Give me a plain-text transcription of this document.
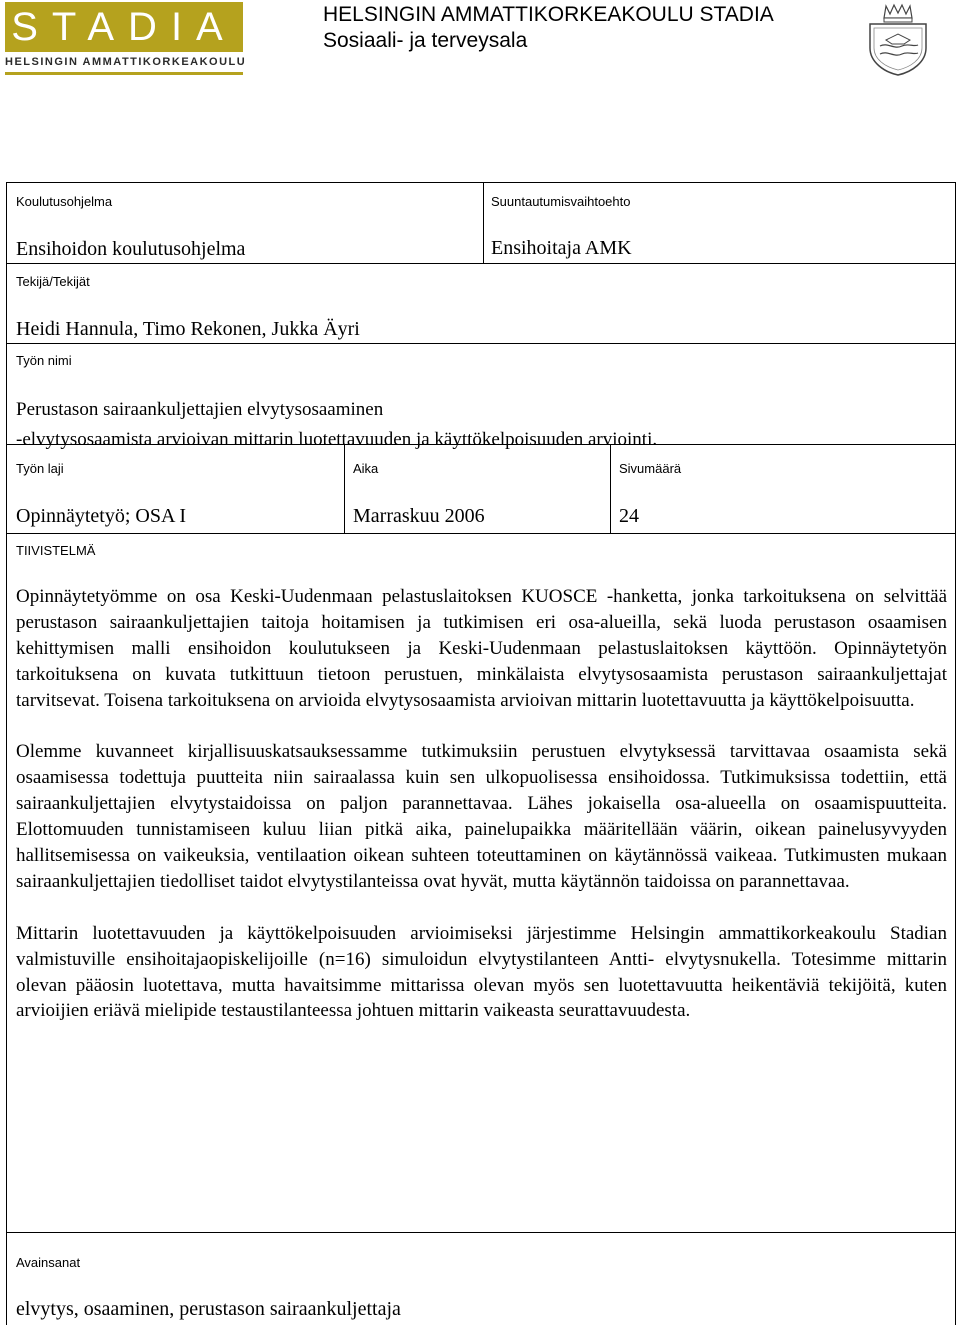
STADIA
HELSINGIN AMMATTIKORKEAKOULU
HELSINGIN AMMATTIKORKEAKOULU STADIA
Sosiaali- ja terveysala
Koulutusohjelma
Ensihoidon koulutusohjelma
Suuntautumisvaihtoehto
Ensihoitaja AMK
Tekijä/Tekijät
Heidi Hannula, Timo Rekonen, Jukka Äyri
Työn nimi
Perustason sairaankuljettajien elvytysosaaminen
-elvytysosaamista arvioivan mittarin luotettavuuden ja käyttökelpoisuuden arviointi.
Työn laji
Opinnäytetyö; OSA I
Aika
Marraskuu 2006
Sivumäärä
24
TIIVISTELMÄ

Opinnäytetyömme on osa Keski-Uudenmaan pelastuslaitoksen KUOSCE -hanketta, jonka tarkoituksena on selvittää perustason sairaankuljettajien taitoja hoitamisen ja tutkimisen eri osa-alueilla, sekä luoda perustason osaamisen kehittymisen malli ensihoidon koulutukseen ja Keski-Uudenmaan pelastuslaitoksen käyttöön. Opinnäytetyön tarkoituksena on kuvata tutkittuun tietoon perustuen, minkälaista elvytysosaamista perustason sairaankuljettajat tarvitsevat. Toisena tarkoituksena on arvioida elvytysosaamista arvioivan mittarin luotettavuutta ja käyttökelpoisuutta.

Olemme kuvanneet kirjallisuuskatsauksessamme tutkimuksiin perustuen elvytyksessä tarvittavaa osaamista sekä osaamisessa todettuja puutteita niin sairaalassa kuin sen ulkopuolisessa ensihoidossa. Tutkimuksissa todettiin, että sairaankuljettajien elvytystaidoissa on paljon parannettavaa. Lähes jokaisella osa-alueella on osaamispuutteita. Elottomuuden tunnistamiseen kuluu liian pitkä aika, painelupaikka määritellään väärin, oikean painelusyvyyden hallitsemisessa on vaikeuksia, ventilaation oikean suhteen toteuttaminen on käytännössä vaikeaa. Tutkimusten mukaan sairaankuljettajien tiedolliset taidot elvytystilanteissa ovat hyvät, mutta käytännön taidoissa on parannettavaa.

Mittarin luotettavuuden ja käyttökelpoisuuden arvioimiseksi järjestimme Helsingin ammattikorkeakoulu Stadian valmistuville ensihoitajaopiskelijoille (n=16) simuloidun elvytystilanteen Antti- elvytysnukella. Totesimme mittarin olevan pääosin luotettava, mutta havaitsimme mittarissa olevan myös sen luotettavuutta heikentäviä tekijöitä, kuten arvioijien eriävä mielipide testaustilanteessa johtuen mittarin vaikeasta seurattavuudesta.

Avainsanat
elvytys, osaaminen, perustason sairaankuljettaja
